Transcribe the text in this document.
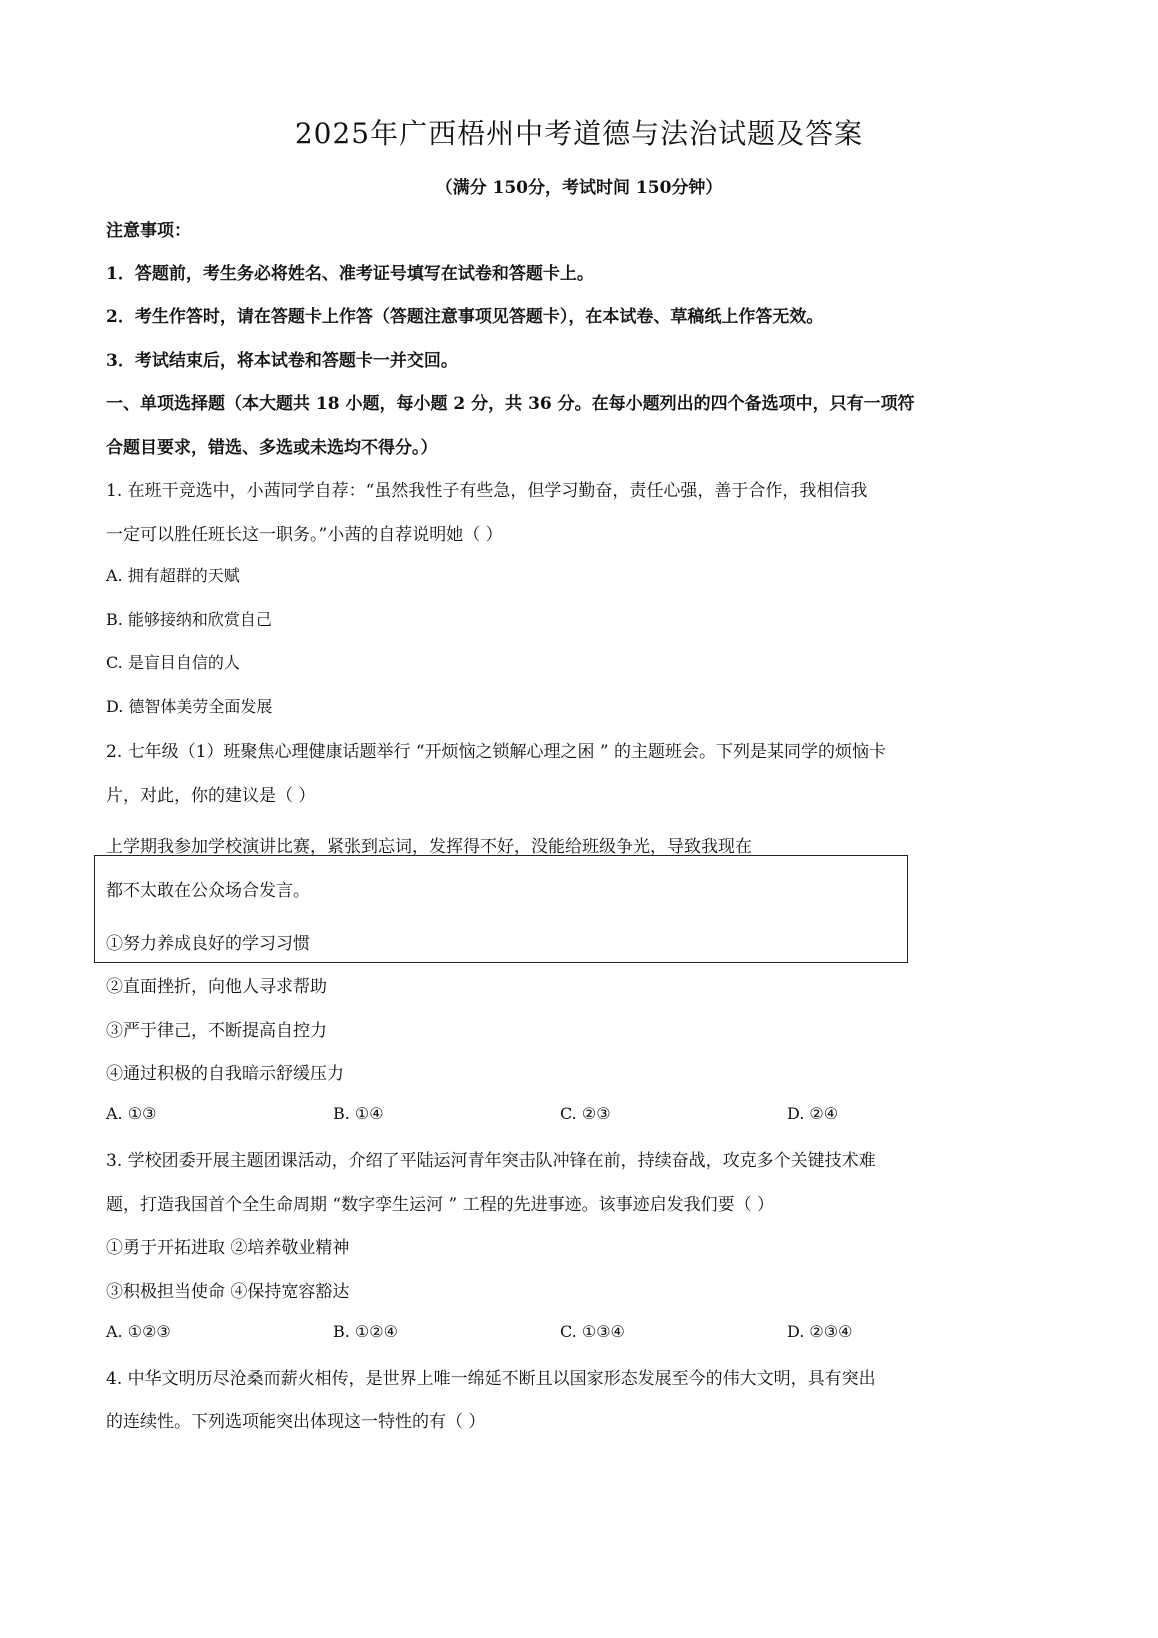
2025年广西梧州中考道德与法治试题及答案
（满分 150分，考试时间 150分钟）
注意事项：
1．答题前，考生务必将姓名、准考证号填写在试卷和答题卡上。
2．考生作答时，请在答题卡上作答（答题注意事项见答题卡），在本试卷、草稿纸上作答无效。
3．考试结束后，将本试卷和答题卡一并交回。
一、单项选择题（本大题共 18 小题，每小题 2 分，共 36 分。在每小题列出的四个备选项中，只有一项符
合题目要求，错选、多选或未选均不得分。）
1. 在班干竞选中，小茜同学自荐：“虽然我性子有些急，但学习勤奋，责任心强，善于合作，我相信我
一定可以胜任班长这一职务。”小茜的自荐说明她（ ）
A. 拥有超群的天赋
B. 能够接纳和欣赏自己
C. 是盲目自信的人
D. 德智体美劳全面发展
2. 七年级（1）班聚焦心理健康话题举行 “开烦恼之锁解心理之困 ” 的主题班会。下列是某同学的烦恼卡
片，对此，你的建议是（ ）
上学期我参加学校演讲比赛，紧张到忘词，发挥得不好，没能给班级争光，导致我现在
都不太敢在公众场合发言。
①努力养成良好的学习习惯
②直面挫折，向他人寻求帮助
③严于律己，不断提高自控力
④通过积极的自我暗示舒缓压力
A. ①③	B. ①④	C. ②③	D. ②④
3. 学校团委开展主题团课活动，介绍了平陆运河青年突击队冲锋在前，持续奋战，攻克多个关键技术难
题，打造我国首个全生命周期 “数字孪生运河 ” 工程的先进事迹。该事迹启发我们要（ ）
①勇于开拓进取 ②培养敬业精神
③积极担当使命 ④保持宽容豁达
A. ①②③	B. ①②④	C. ①③④	D. ②③④
4. 中华文明历尽沧桑而薪火相传，是世界上唯一绵延不断且以国家形态发展至今的伟大文明，具有突出
的连续性。下列选项能突出体现这一特性的有（ ）
